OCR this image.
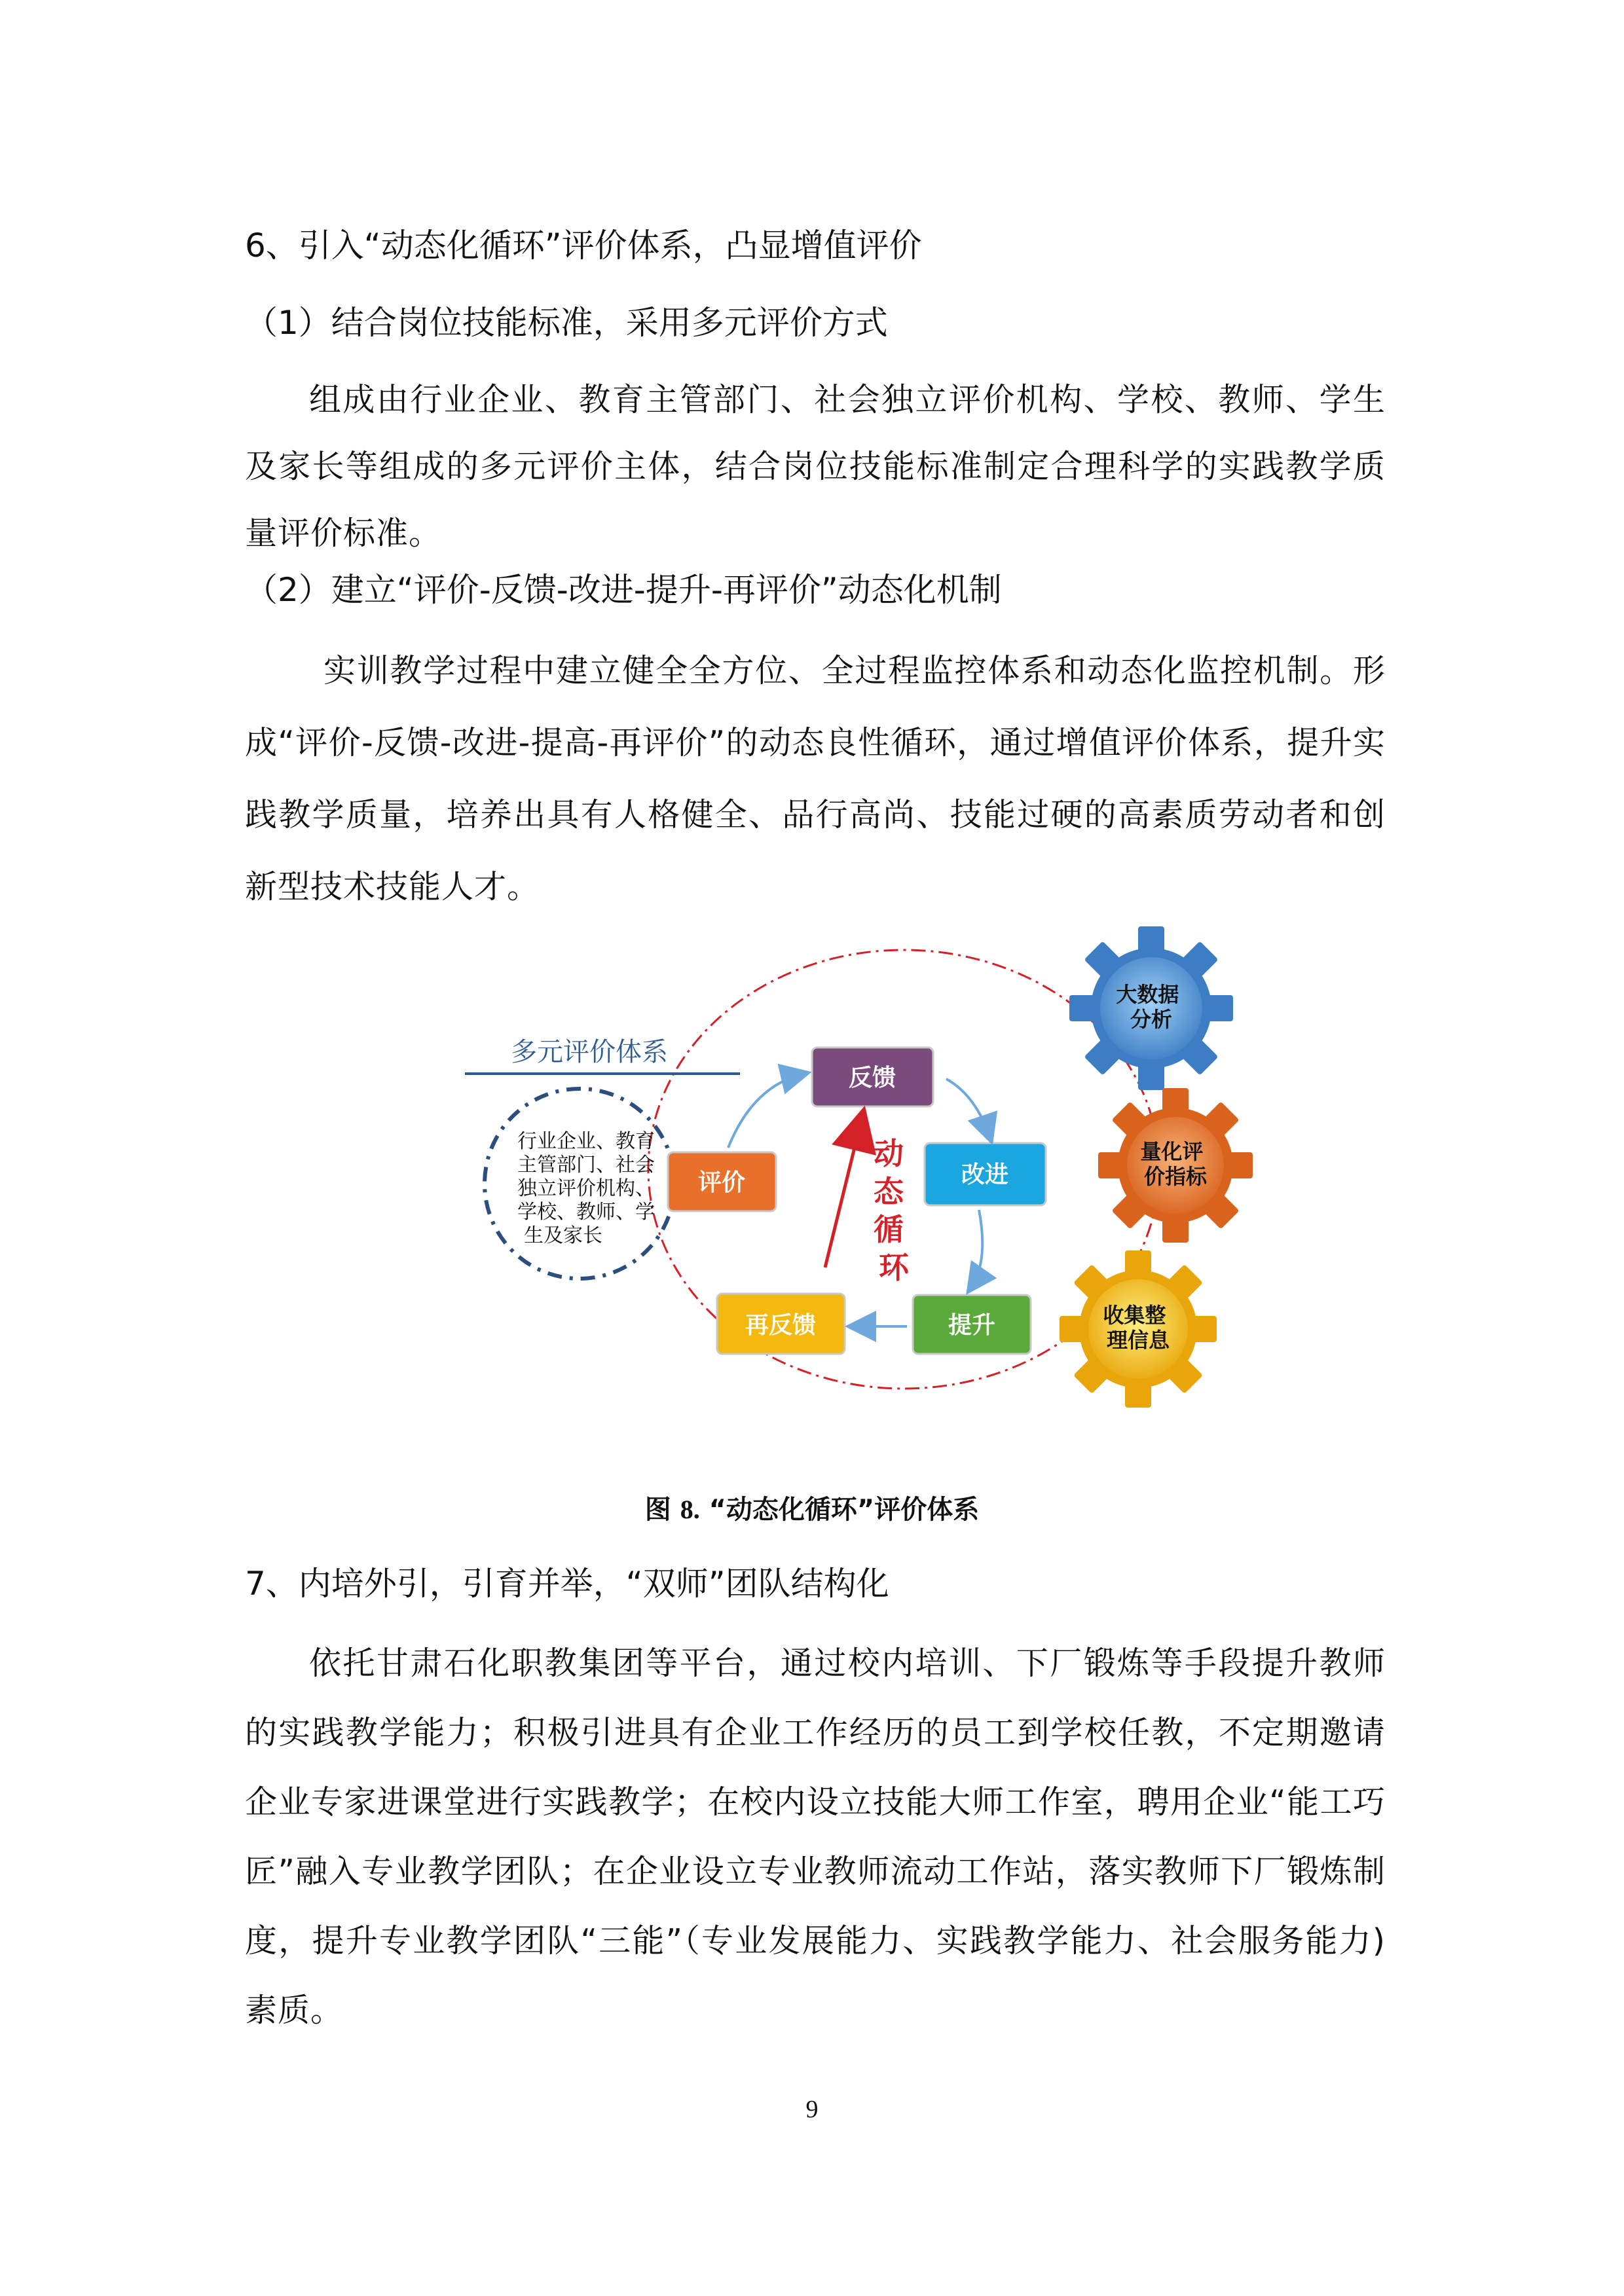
6、引入“动态化循环”评价体系，凸显增值评价
（1）结合岗位技能标准，采用多元评价方式

组成由行业企业、教育主管部门、社会独立评价机构、学校、教师、学生及家长等组成的多元评价主体，结合岗位技能标准制定合理科学的实践教学质量评价标准。

（2）建立“评价-反馈-改进-提升-再评价”动态化机制

实训教学过程中建立健全全方位、全过程监控体系和动态化监控机制。形成“评价-反馈-改进-提高-再评价”的动态良性循环，通过增值评价体系，提升实践教学质量，培养出具有人格健全、品行高尚、技能过硬的高素质劳动者和创新型技术技能人才。

多元评价体系
行业企业、教育 主管部门、社会 独立评价机构、 学校、教师、学 生及家长
评价
反馈
改进
提升
再反馈
动 态 循 环
大数据 分析
量化评 价指标
收集整 理信息
图 8. “动态化循环”评价体系
7、内培外引，引育并举，“双师”团队结构化

依托甘肃石化职教集团等平台，通过校内培训、下厂锻炼等手段提升教师的实践教学能力；积极引进具有企业工作经历的员工到学校任教，不定期邀请企业专家进课堂进行实践教学；在校内设立技能大师工作室，聘用企业“能工巧匠”融入专业教学团队；在企业设立专业教师流动工作站，落实教师下厂锻炼制度，提升专业教学团队“三能”（专业发展能力、实践教学能力、社会服务能力)素质。

9
